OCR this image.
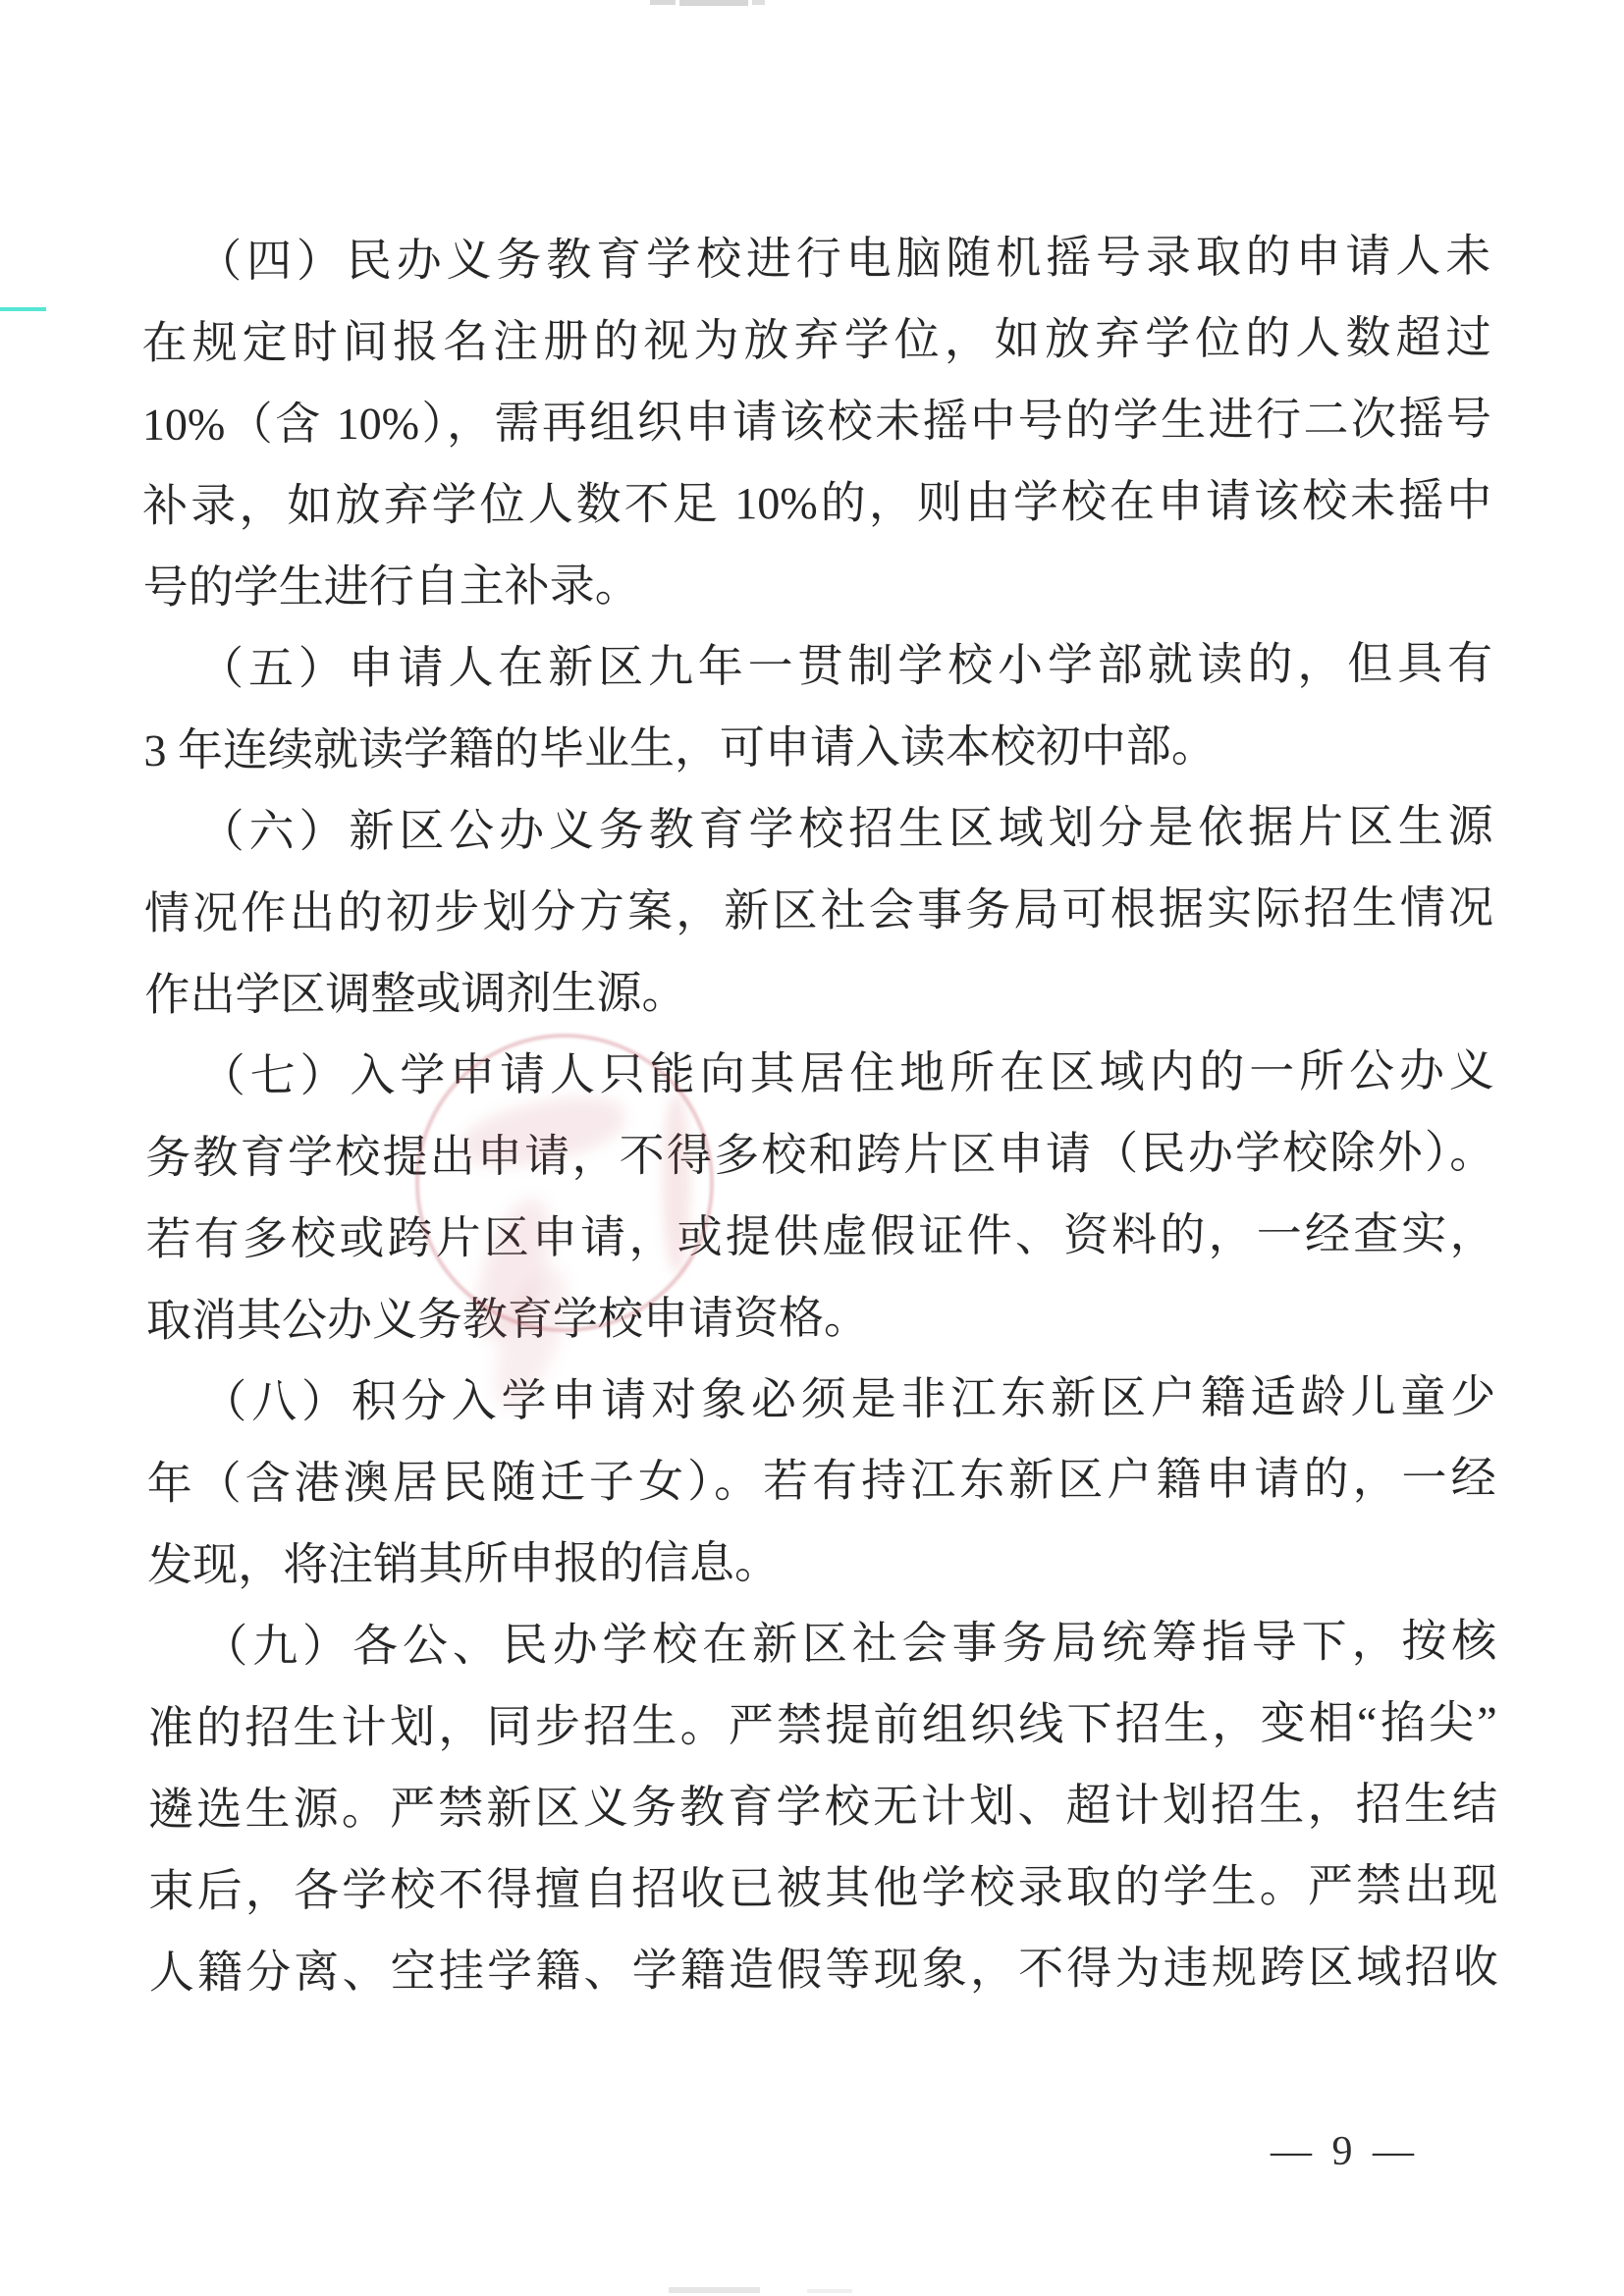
（四）民办义务教育学校进行电脑随机摇号录取的申请人未
在规定时间报名注册的视为放弃学位，如放弃学位的人数超过
10%（含 10%），需再组织申请该校未摇中号的学生进行二次摇号
补录，如放弃学位人数不足 10%的，则由学校在申请该校未摇中
号的学生进行自主补录。
（五）申请人在新区九年一贯制学校小学部就读的，但具有
3 年连续就读学籍的毕业生，可申请入读本校初中部。
（六）新区公办义务教育学校招生区域划分是依据片区生源
情况作出的初步划分方案，新区社会事务局可根据实际招生情况
作出学区调整或调剂生源。
（七）入学申请人只能向其居住地所在区域内的一所公办义
务教育学校提出申请，不得多校和跨片区申请（民办学校除外）。
若有多校或跨片区申请，或提供虚假证件、资料的，一经查实，
取消其公办义务教育学校申请资格。
（八）积分入学申请对象必须是非江东新区户籍适龄儿童少
年（含港澳居民随迁子女）。若有持江东新区户籍申请的，一经
发现，将注销其所申报的信息。
（九）各公、民办学校在新区社会事务局统筹指导下，按核
准的招生计划，同步招生。严禁提前组织线下招生，变相“掐尖”
遴选生源。严禁新区义务教育学校无计划、超计划招生，招生结
束后，各学校不得擅自招收已被其他学校录取的学生。严禁出现
人籍分离、空挂学籍、学籍造假等现象，不得为违规跨区域招收
— 9 —
